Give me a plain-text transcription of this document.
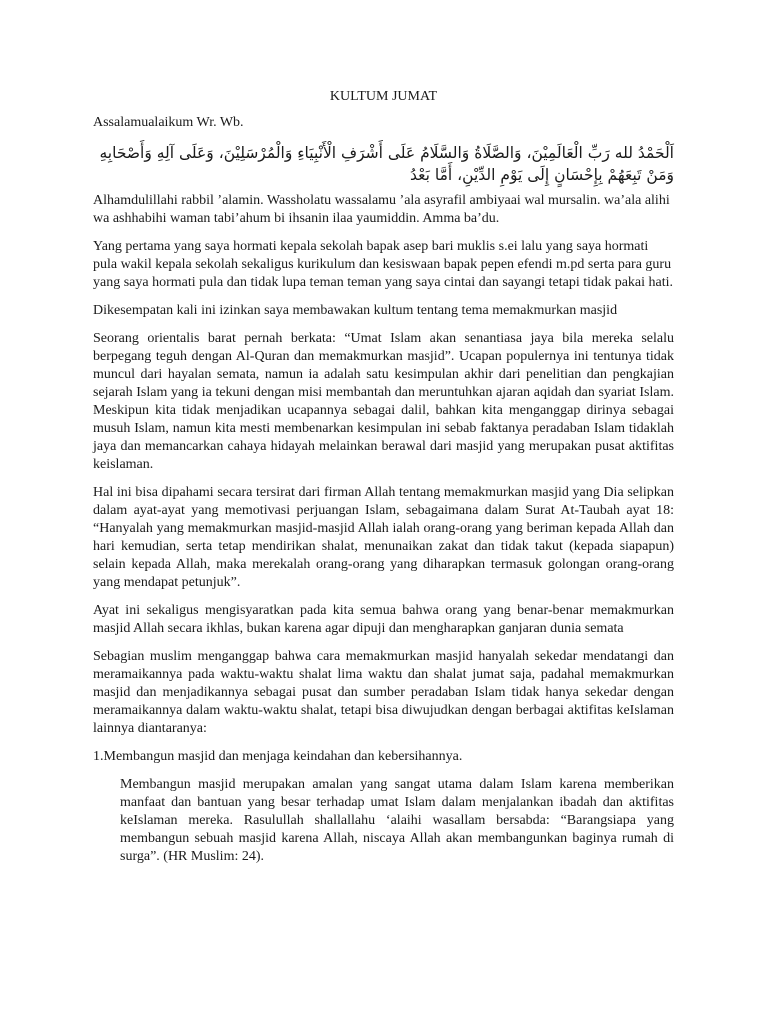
KULTUM JUMAT

Assalamualaikum Wr. Wb.

اَلْحَمْدُ لله رَبِّ الْعَالَمِيْنَ، وَالصَّلَاةُ وَالسَّلَامُ عَلَى أَشْرَفِ الْأَنْبِيَاءِ وَالْمُرْسَلِيْنَ، وَعَلَى آلِهِ وَأَصْحَابِهِ
وَمَنْ تَبِعَهُمْ بِإِحْسَانٍ إِلَى يَوْمِ الدِّيْنِ، أَمَّا بَعْدُ

Alhamdulillahi rabbil ’alamin. Wassholatu wassalamu ’ala asyrafil ambiyaai wal mursalin. wa’ala alihi wa ashhabihi waman tabi’ahum bi ihsanin ilaa yaumiddin. Amma ba’du.

Yang pertama yang saya hormati kepala sekolah bapak asep bari muklis s.ei lalu yang saya hormati pula wakil kepala sekolah sekaligus kurikulum dan kesiswaan bapak pepen efendi m.pd serta para guru yang saya hormati pula dan tidak lupa teman teman yang saya cintai dan sayangi tetapi tidak pakai hati.

Dikesempatan kali ini izinkan saya membawakan kultum tentang tema memakmurkan masjid

Seorang orientalis barat pernah berkata: “Umat Islam akan senantiasa jaya bila mereka selalu berpegang teguh dengan Al-Quran dan memakmurkan masjid”. Ucapan populernya ini tentunya tidak muncul dari hayalan semata, namun ia adalah satu kesimpulan akhir dari penelitian dan pengkajian sejarah Islam yang ia tekuni dengan misi membantah dan meruntuhkan ajaran aqidah dan syariat Islam. Meskipun kita tidak menjadikan ucapannya sebagai dalil, bahkan kita menganggap dirinya sebagai musuh Islam, namun kita mesti membenarkan kesimpulan ini sebab faktanya peradaban Islam tidaklah jaya dan memancarkan cahaya hidayah melainkan berawal dari masjid yang merupakan pusat aktifitas keislaman.

Hal ini bisa dipahami secara tersirat dari firman Allah tentang memakmurkan masjid yang Dia selipkan dalam ayat-ayat yang memotivasi perjuangan Islam, sebagaimana dalam Surat At-Taubah ayat 18: “Hanyalah yang memakmurkan masjid-masjid Allah ialah orang-orang yang beriman kepada Allah dan hari kemudian, serta tetap mendirikan shalat, menunaikan zakat dan tidak takut (kepada siapapun) selain kepada Allah, maka merekalah orang-orang yang diharapkan termasuk golongan orang-orang yang mendapat petunjuk”.

Ayat ini sekaligus mengisyaratkan pada kita semua bahwa orang yang benar-benar memakmurkan masjid Allah secara ikhlas, bukan karena agar dipuji dan mengharapkan ganjaran dunia semata

Sebagian muslim menganggap bahwa cara memakmurkan masjid hanyalah sekedar mendatangi dan meramaikannya pada waktu-waktu shalat lima waktu dan shalat jumat saja, padahal memakmurkan masjid dan menjadikannya sebagai pusat dan sumber peradaban Islam tidak hanya sekedar dengan meramaikannya dalam waktu-waktu shalat, tetapi bisa diwujudkan dengan berbagai aktifitas keIslaman lainnya diantaranya:

1.Membangun masjid dan menjaga keindahan dan kebersihannya.

Membangun masjid merupakan amalan yang sangat utama dalam Islam karena memberikan manfaat dan bantuan yang besar terhadap umat Islam dalam menjalankan ibadah dan aktifitas keIslaman mereka. Rasulullah shallallahu ‘alaihi wasallam bersabda: “Barangsiapa yang membangun sebuah masjid karena Allah, niscaya Allah akan membangunkan baginya rumah di surga”. (HR Muslim: 24).
